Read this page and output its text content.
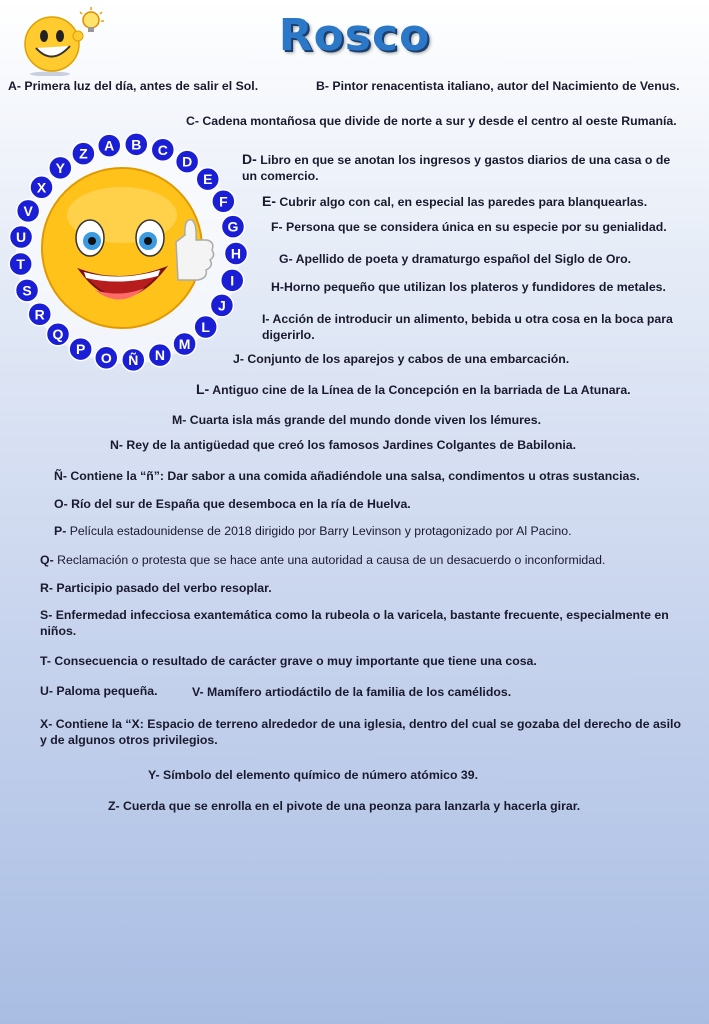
Rosco
A B C
D
E
F
G
H
I
J
L
M
N
Ñ
O
P
Q
R
S
T
U
V
X
Y
Z
A- Primera luz del día, antes de salir el Sol.	B- Pintor renacentista italiano, autor del Nacimiento de Venus.
C- Cadena montañosa que divide de norte a sur y desde el centro al oeste Rumanía.
D- Libro en que se anotan los ingresos y gastos diarios de una casa o de un comercio.
E- Cubrir algo con cal, en especial las paredes para blanquearlas.
F- Persona que se considera única en su especie por su genialidad.
G- Apellido de poeta y dramaturgo español del Siglo de Oro.
H-Horno pequeño que utilizan los plateros y fundidores de metales.
I- Acción de introducir un alimento, bebida u otra cosa en la boca para digerirlo.
J- Conjunto de los aparejos y cabos de una embarcación.
L- Antiguo cine de la Línea de la Concepción en la barriada de La Atunara.
M- Cuarta isla más grande del mundo donde viven los lémures.
N- Rey de la antigüedad que creó los famosos Jardines Colgantes de Babilonia.
Ñ- Contiene la “ñ”: Dar sabor a una comida añadiéndole una salsa, condimentos u otras sustancias.
O- Río del sur de España que desemboca en la ría de Huelva.
P- Película estadounidense de 2018 dirigido por Barry Levinson y protagonizado por Al Pacino.
Q- Reclamación o protesta que se hace ante una autoridad a causa de un desacuerdo o inconformidad.
R- Participio pasado del verbo resoplar.
S- Enfermedad infecciosa exantemática como la rubeola o la varicela, bastante frecuente, especialmente en niños.
T- Consecuencia o resultado de carácter grave o muy importante que tiene una cosa.
U- Paloma pequeña.	V- Mamífero artiodáctilo de la familia de los camélidos.
X- Contiene la “X: Espacio de terreno alrededor de una iglesia, dentro del cual se gozaba del derecho de asilo y de algunos otros privilegios.
Y- Símbolo del elemento químico de número atómico 39.
Z- Cuerda que se enrolla en el pivote de una peonza para lanzarla y hacerla girar.
